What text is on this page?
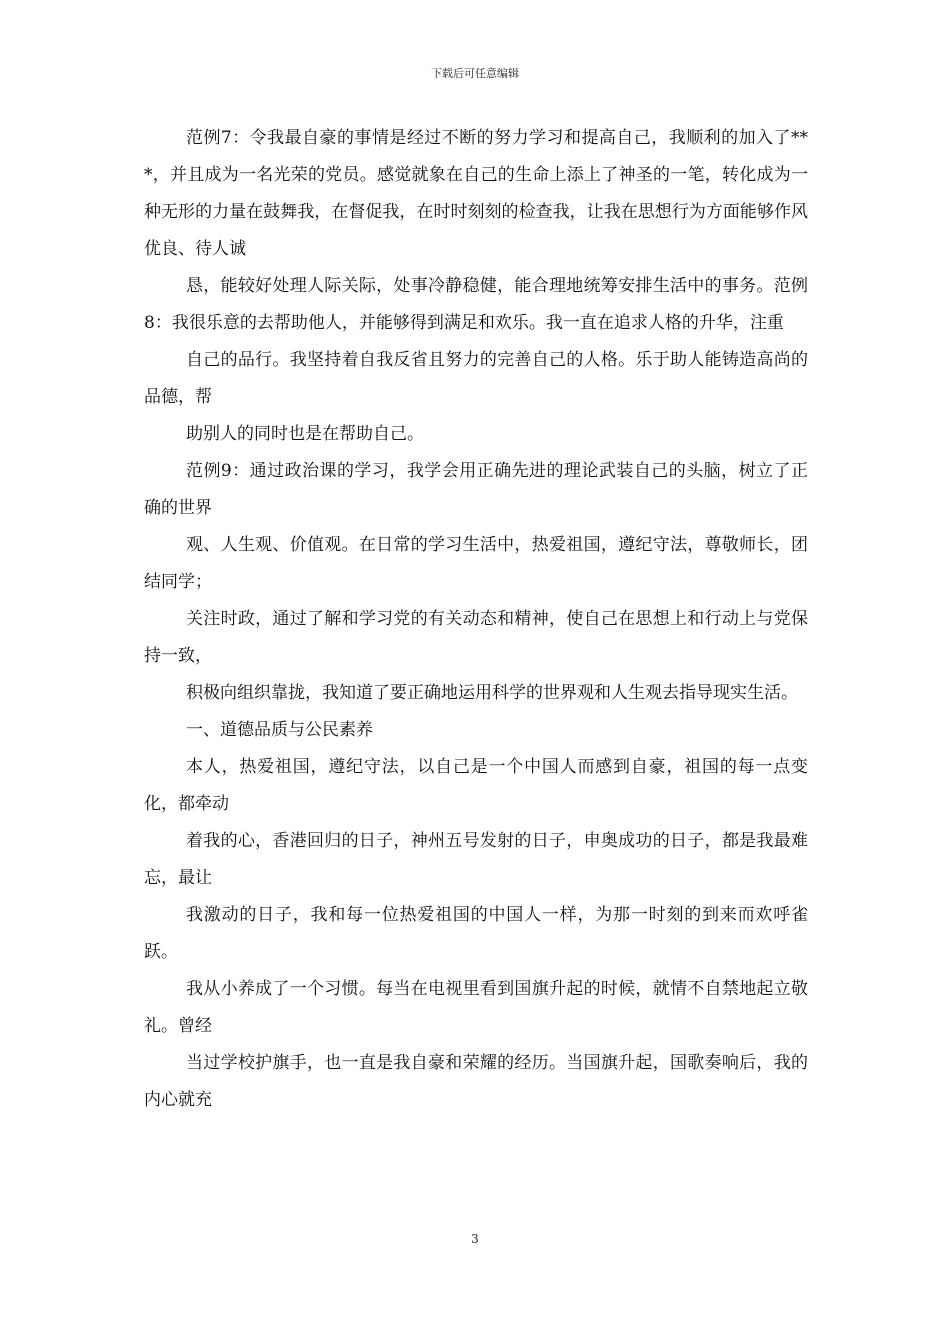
下载后可任意编辑

范例7：令我最自豪的事情是经过不断的努力学习和提高自己，我顺利的加入了***，并且成为一名光荣的党员。感觉就象在自己的生命上添上了神圣的一笔，转化成为一种无形的力量在鼓舞我，在督促我，在时时刻刻的检查我，让我在思想行为方面能够作风优良、待人诚

恳，能较好处理人际关际，处事冷静稳健，能合理地统筹安排生活中的事务。范例8：我很乐意的去帮助他人，并能够得到满足和欢乐。我一直在追求人格的升华，注重

自己的品行。我坚持着自我反省且努力的完善自己的人格。乐于助人能铸造高尚的品德，帮

助别人的同时也是在帮助自己。

范例9：通过政治课的学习，我学会用正确先进的理论武装自己的头脑，树立了正确的世界

观、人生观、价值观。在日常的学习生活中，热爱祖国，遵纪守法，尊敬师长，团结同学；

关注时政，通过了解和学习党的有关动态和精神，使自己在思想上和行动上与党保持一致，

积极向组织靠拢，我知道了要正确地运用科学的世界观和人生观去指导现实生活。

一、道德品质与公民素养

本人，热爱祖国，遵纪守法，以自己是一个中国人而感到自豪，祖国的每一点变化，都牵动

着我的心，香港回归的日子，神州五号发射的日子，申奥成功的日子，都是我最难忘，最让

我激动的日子，我和每一位热爱祖国的中国人一样，为那一时刻的到来而欢呼雀跃。

我从小养成了一个习惯。每当在电视里看到国旗升起的时候，就情不自禁地起立敬礼。曾经

当过学校护旗手，也一直是我自豪和荣耀的经历。当国旗升起，国歌奏响后，我的内心就充

3
